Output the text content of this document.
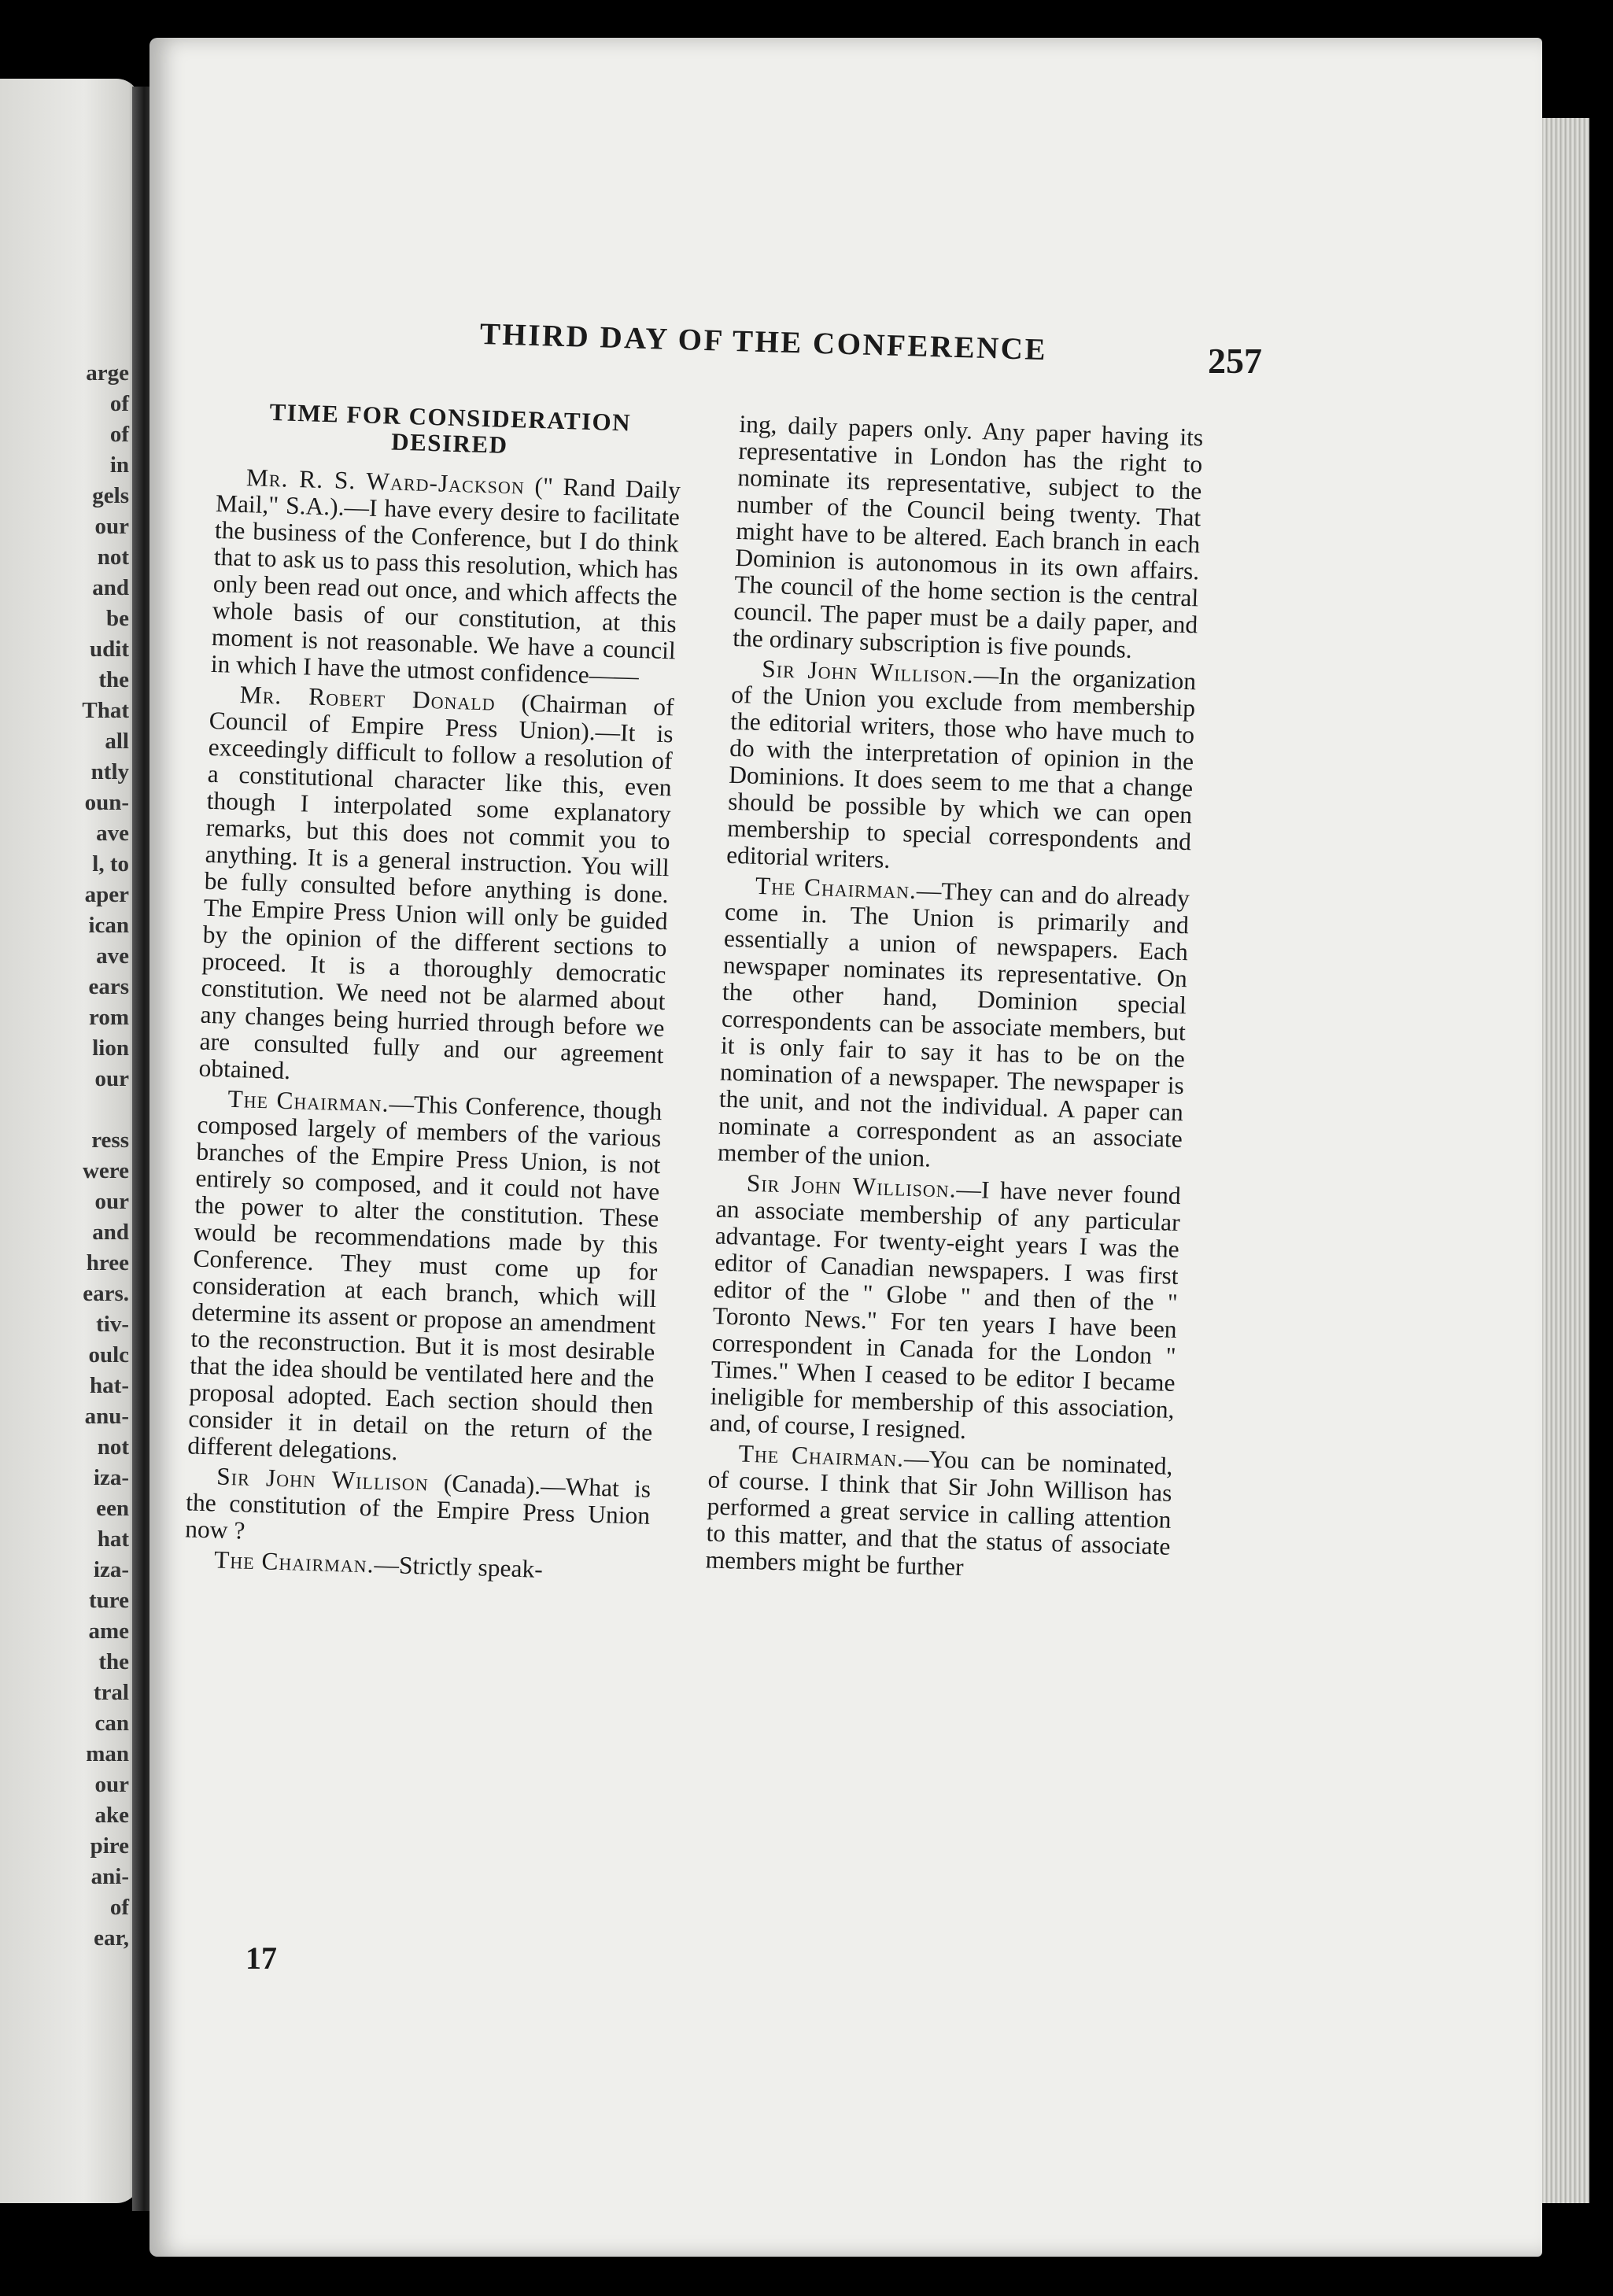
arge
of
of
in
gels
our
not
and
be
udit
the
That
all
ntly
oun-
ave
l, to
aper
ican
ave
ears
rom
lion
our
ress
were
our
and
hree
ears.
tiv-
oulc
hat-
anu-
not
iza-
een
hat
iza-
ture
ame
the
tral
can
man
our
ake
pire
ani-
of
ear,
THIRD DAY OF THE CONFERENCE	257
TIME FOR CONSIDERATION
DESIRED

Mr. R. S. Ward-Jackson (" Rand Daily Mail," S.A.).—I have every desire to facilitate the business of the Conference, but I do think that to ask us to pass this resolution, which has only been read out once, and which affects the whole basis of our constitution, at this moment is not reasonable. We have a council in which I have the utmost confidence——

Mr. Robert Donald (Chairman of Council of Empire Press Union).—It is exceedingly difficult to follow a resolution of a constitutional character like this, even though I interpolated some explanatory remarks, but this does not commit you to anything. It is a general instruction. You will be fully consulted before anything is done. The Empire Press Union will only be guided by the opinion of the different sections to proceed. It is a thoroughly democratic constitution. We need not be alarmed about any changes being hurried through before we are consulted fully and our agreement obtained.

The Chairman.—This Conference, though composed largely of members of the various branches of the Empire Press Union, is not entirely so composed, and it could not have the power to alter the constitution. These would be recommendations made by this Conference. They must come up for consideration at each branch, which will determine its assent or propose an amendment to the reconstruction. But it is most desirable that the idea should be ventilated here and the proposal adopted. Each section should then consider it in detail on the return of the different delegations.

Sir John Willison (Canada).—What is the constitution of the Empire Press Union now ?

The Chairman.—Strictly speak-

ing, daily papers only. Any paper having its representative in London has the right to nominate its representative, subject to the number of the Council being twenty. That might have to be altered. Each branch in each Dominion is autonomous in its own affairs. The council of the home section is the central council. The paper must be a daily paper, and the ordinary subscription is five pounds.

Sir John Willison.—In the organization of the Union you exclude from membership the editorial writers, those who have much to do with the interpretation of opinion in the Dominions. It does seem to me that a change should be possible by which we can open membership to special correspondents and editorial writers.

The Chairman.—They can and do already come in. The Union is primarily and essentially a union of newspapers. Each newspaper nominates its representative. On the other hand, Dominion special correspondents can be associate members, but it is only fair to say it has to be on the nomination of a newspaper. The newspaper is the unit, and not the individual. A paper can nominate a correspondent as an associate member of the union.

Sir John Willison.—I have never found an associate membership of any particular advantage. For twenty-eight years I was the editor of Canadian newspapers. I was first editor of the " Globe " and then of the " Toronto News." For ten years I have been correspondent in Canada for the London " Times." When I ceased to be editor I became ineligible for membership of this association, and, of course, I resigned.

The Chairman.—You can be nominated, of course. I think that Sir John Willison has performed a great service in calling attention to this matter, and that the status of associate members might be further

17
